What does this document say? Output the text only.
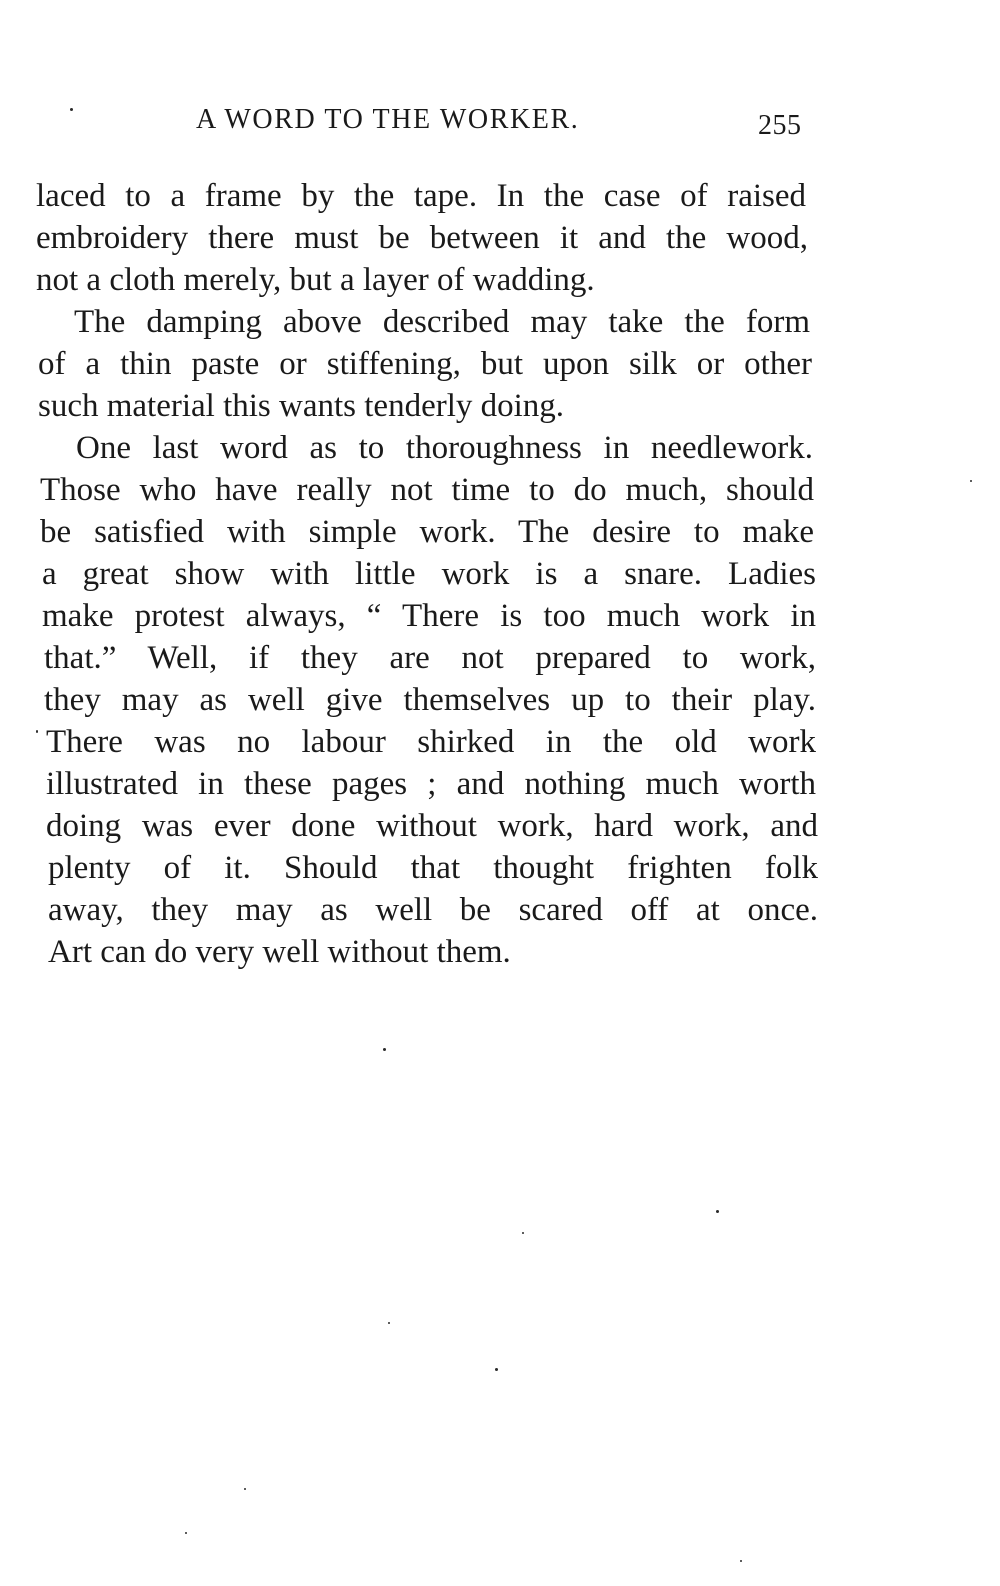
A WORD TO THE WORKER.	255
laced to a frame by the tape. In the case of raised
embroidery there must be between it and the wood,
not a cloth merely, but a layer of wadding.
The damping above described may take the form
of a thin paste or stiffening, but upon silk or other
such material this wants tenderly doing.
One last word as to thoroughness in needlework.
Those who have really not time to do much, should
be satisfied with simple work. The desire to make
a great show with little work is a snare. Ladies
make protest always, “ There is too much work in
that.” Well, if they are not prepared to work,
they may as well give themselves up to their play.
There was no labour shirked in the old work
illustrated in these pages ; and nothing much worth
doing was ever done without work, hard work, and
plenty of it. Should that thought frighten folk
away, they may as well be scared off at once.
Art can do very well without them.
